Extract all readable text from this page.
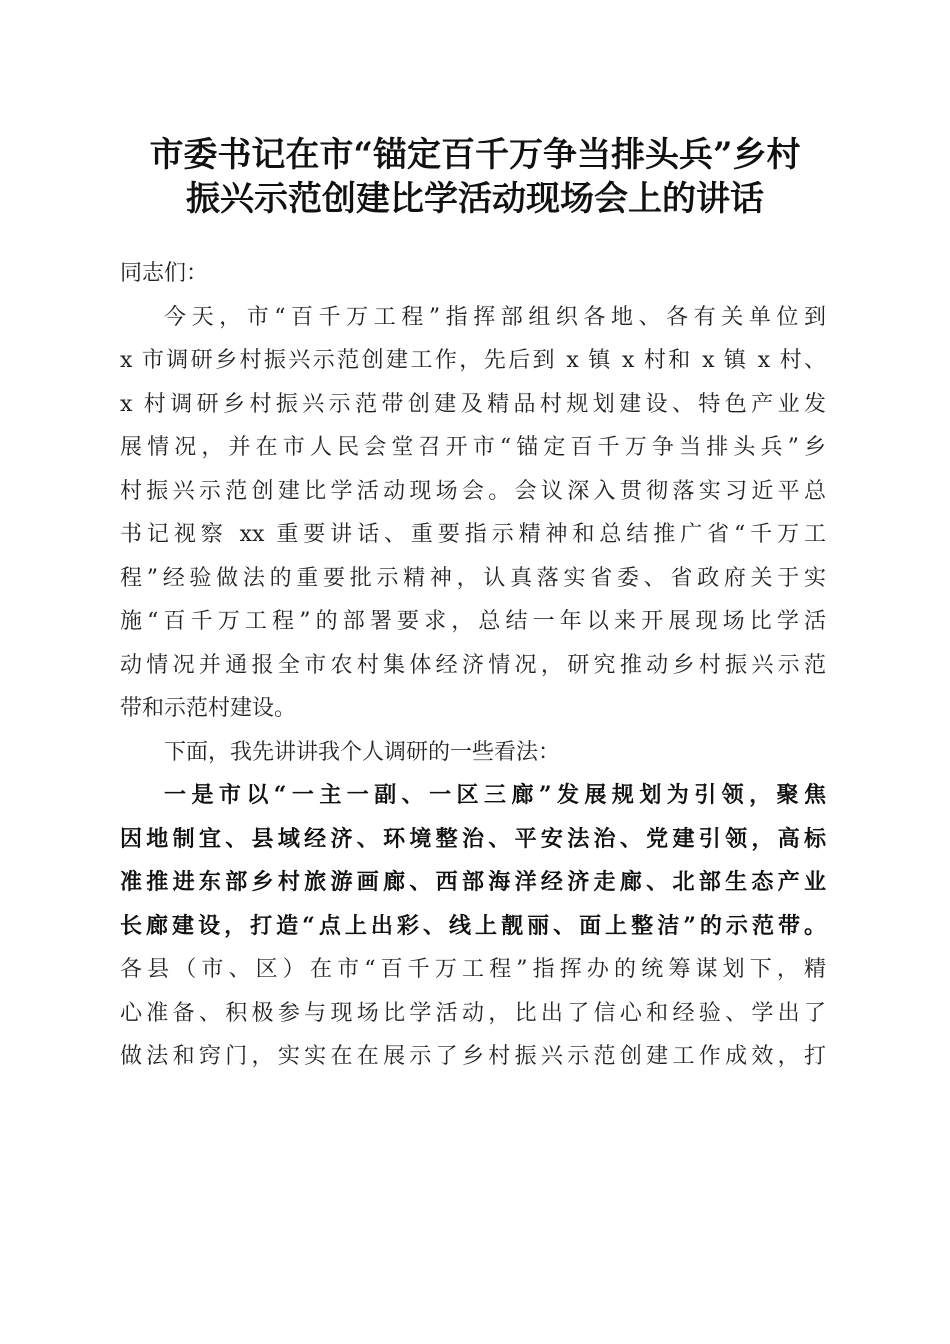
市委书记在市“锚定百千万争当排头兵”乡村
振兴示范创建比学活动现场会上的讲话
同志们：
今天，市“百千万工程”指挥部组织各地、各有关单位到
x 市调研乡村振兴示范创建工作，先后到 x 镇 x 村和 x 镇 x 村、
x 村调研乡村振兴示范带创建及精品村规划建设、特色产业发
展情况，并在市人民会堂召开市“锚定百千万争当排头兵”乡
村振兴示范创建比学活动现场会。会议深入贯彻落实习近平总
书记视察 xx 重要讲话、重要指示精神和总结推广省“千万工
程”经验做法的重要批示精神，认真落实省委、省政府关于实
施“百千万工程”的部署要求，总结一年以来开展现场比学活
动情况并通报全市农村集体经济情况，研究推动乡村振兴示范
带和示范村建设。
下面，我先讲讲我个人调研的一些看法：
一是市以“一主一副、一区三廊”发展规划为引领，聚焦
因地制宜、县域经济、环境整治、平安法治、党建引领，高标
准推进东部乡村旅游画廊、西部海洋经济走廊、北部生态产业
长廊建设，打造“点上出彩、线上靓丽、面上整洁”的示范带。
各县（市、区）在市“百千万工程”指挥办的统筹谋划下，精
心准备、积极参与现场比学活动，比出了信心和经验、学出了
做法和窍门，实实在在展示了乡村振兴示范创建工作成效，打
